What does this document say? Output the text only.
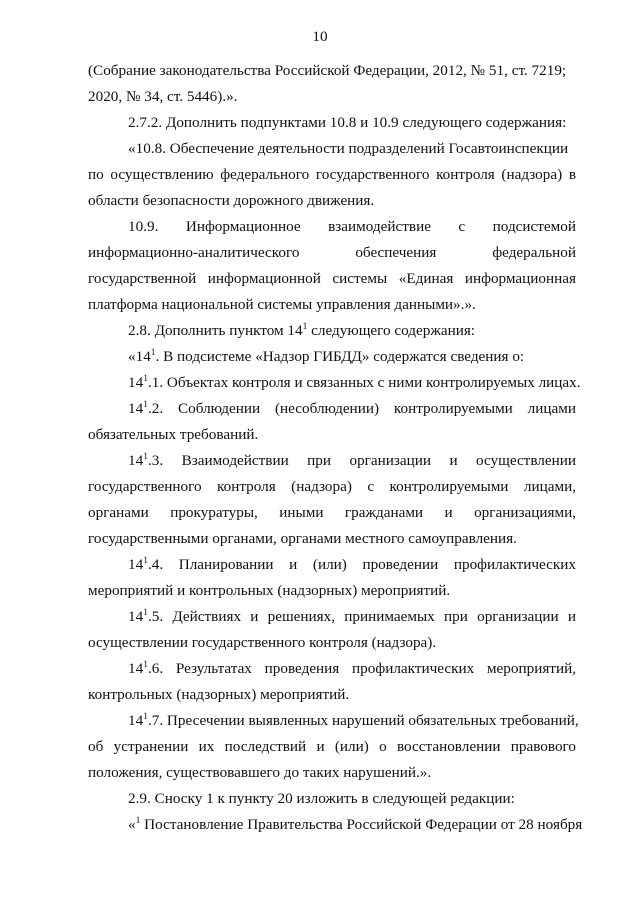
10
(Собрание законодательства Российской Федерации, 2012, № 51, ст. 7219;
2020, № 34, ст. 5446).».
2.7.2. Дополнить подпунктами 10.8 и 10.9 следующего содержания:
«10.8. Обеспечение деятельности подразделений Госавтоинспекции
по осуществлению федерального государственного контроля (надзора) в
области безопасности дорожного движения.
10.9. Информационное взаимодействие с подсистемой
информационно-аналитического обеспечения федеральной
государственной информационной системы «Единая информационная
платформа национальной системы управления данными».».
2.8. Дополнить пунктом $14^1$ следующего содержания:
«$14^1$. В подсистеме «Надзор ГИБДД» содержатся сведения о:
$14^1.1$. Объектах контроля и связанных с ними контролируемых лицах.
$14^1.2$. Соблюдении (несоблюдении) контролируемыми лицами
обязательных требований.
$14^1.3$. Взаимодействии при организации и осуществлении
государственного контроля (надзора) с контролируемыми лицами,
органами прокуратуры, иными гражданами и организациями,
государственными органами, органами местного самоуправления.
$14^1.4$. Планировании и (или) проведении профилактических
мероприятий и контрольных (надзорных) мероприятий.
$14^1.5$. Действиях и решениях, принимаемых при организации и
осуществлении государственного контроля (надзора).
$14^1.6$. Результатах проведения профилактических мероприятий,
контрольных (надзорных) мероприятий.
$14^1.7$. Пресечении выявленных нарушений обязательных требований,
об устранении их последствий и (или) о восстановлении правового
положения, существовавшего до таких нарушений.».
2.9. Сноску 1 к пункту 20 изложить в следующей редакции:
«$^1$ Постановление Правительства Российской Федерации от 28 ноября
